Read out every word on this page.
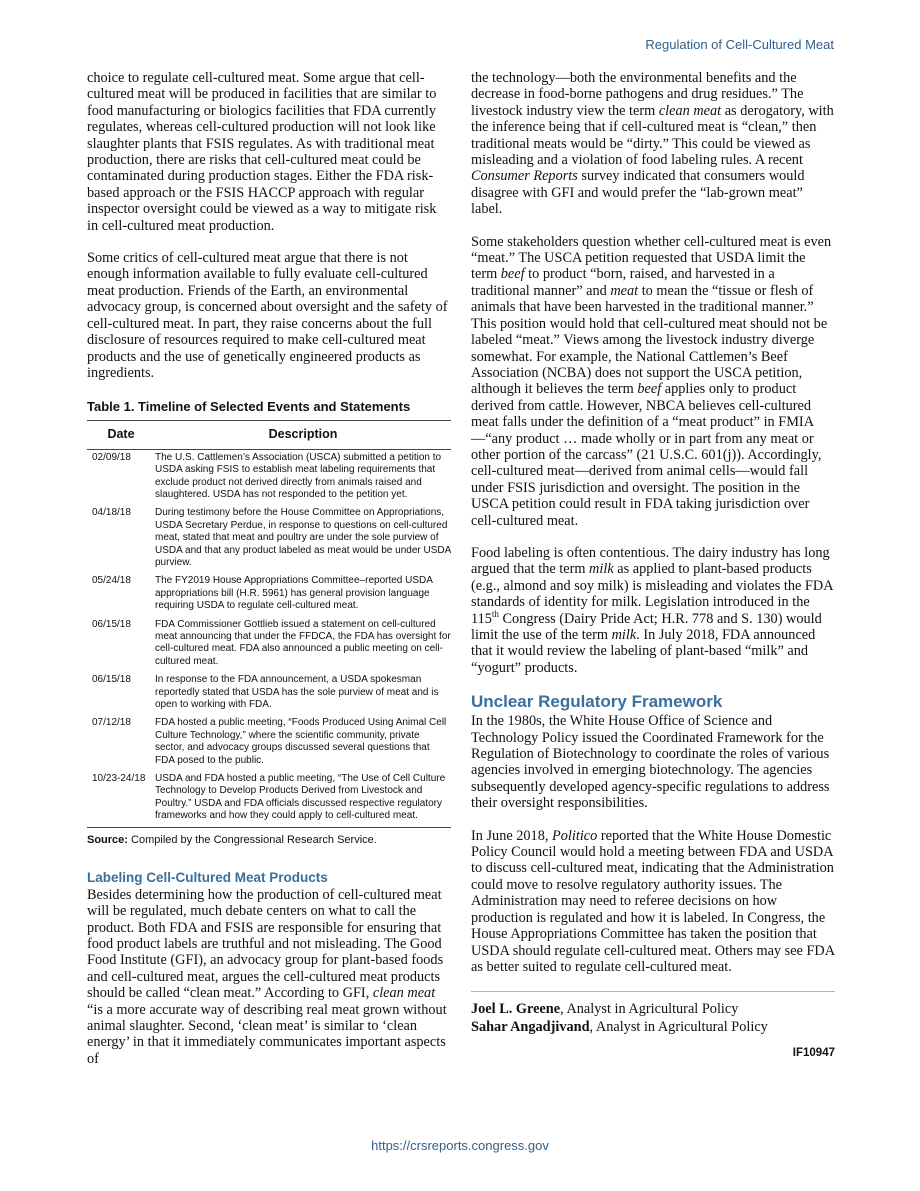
Regulation of Cell-Cultured Meat

choice to regulate cell-cultured meat. Some argue that cell-cultured meat will be produced in facilities that are similar to food manufacturing or biologics facilities that FDA currently regulates, whereas cell-cultured production will not look like slaughter plants that FSIS regulates. As with traditional meat production, there are risks that cell-cultured meat could be contaminated during production stages. Either the FDA risk-based approach or the FSIS HACCP approach with regular inspector oversight could be viewed as a way to mitigate risk in cell-cultured meat production.

Some critics of cell-cultured meat argue that there is not enough information available to fully evaluate cell-cultured meat production. Friends of the Earth, an environmental advocacy group, is concerned about oversight and the safety of cell-cultured meat. In part, they raise concerns about the full disclosure of resources required to make cell-cultured meat products and the use of genetically engineered products as ingredients.

Table 1. Timeline of Selected Events and Statements
Date	Description
02/09/18	The U.S. Cattlemen’s Association (USCA) submitted a petition to USDA asking FSIS to establish meat labeling requirements that exclude product not derived directly from animals raised and slaughtered. USDA has not responded to the petition yet.
04/18/18	During testimony before the House Committee on Appropriations, USDA Secretary Perdue, in response to questions on cell-cultured meat, stated that meat and poultry are under the sole purview of USDA and that any product labeled as meat would be under USDA purview.
05/24/18	The FY2019 House Appropriations Committee–reported USDA appropriations bill (H.R. 5961) has general provision language requiring USDA to regulate cell-cultured meat.
06/15/18	FDA Commissioner Gottlieb issued a statement on cell-cultured meat announcing that under the FFDCA, the FDA has oversight for cell-cultured meat. FDA also announced a public meeting on cell-cultured meat.
06/15/18	In response to the FDA announcement, a USDA spokesman reportedly stated that USDA has the sole purview of meat and is open to working with FDA.
07/12/18	FDA hosted a public meeting, “Foods Produced Using Animal Cell Culture Technology,” where the scientific community, private sector, and advocacy groups discussed several questions that FDA posed to the public.
10/23-24/18	USDA and FDA hosted a public meeting, “The Use of Cell Culture Technology to Develop Products Derived from Livestock and Poultry.” USDA and FDA officials discussed respective regulatory frameworks and how they could apply to cell-cultured meat.
Source: Compiled by the Congressional Research Service.
Labeling Cell-Cultured Meat Products

Besides determining how the production of cell-cultured meat will be regulated, much debate centers on what to call the product. Both FDA and FSIS are responsible for ensuring that food product labels are truthful and not misleading. The Good Food Institute (GFI), an advocacy group for plant-based foods and cell-cultured meat, argues the cell-cultured meat products should be called “clean meat.” According to GFI, clean meat “is a more accurate way of describing real meat grown without animal slaughter. Second, ‘clean meat’ is similar to ‘clean energy’ in that it immediately communicates important aspects of

the technology—both the environmental benefits and the decrease in food-borne pathogens and drug residues.” The livestock industry view the term clean meat as derogatory, with the inference being that if cell-cultured meat is “clean,” then traditional meats would be “dirty.” This could be viewed as misleading and a violation of food labeling rules. A recent Consumer Reports survey indicated that consumers would disagree with GFI and would prefer the “lab-grown meat” label.

Some stakeholders question whether cell-cultured meat is even “meat.” The USCA petition requested that USDA limit the term beef to product “born, raised, and harvested in a traditional manner” and meat to mean the “tissue or flesh of animals that have been harvested in the traditional manner.” This position would hold that cell-cultured meat should not be labeled “meat.” Views among the livestock industry diverge somewhat. For example, the National Cattlemen’s Beef Association (NCBA) does not support the USCA petition, although it believes the term beef applies only to product derived from cattle. However, NBCA believes cell-cultured meat falls under the definition of a “meat product” in FMIA—“any product … made wholly or in part from any meat or other portion of the carcass” (21 U.S.C. 601(j)). Accordingly, cell-cultured meat—derived from animal cells—would fall under FSIS jurisdiction and oversight. The position in the USCA petition could result in FDA taking jurisdiction over cell-cultured meat.

Food labeling is often contentious. The dairy industry has long argued that the term milk as applied to plant-based products (e.g., almond and soy milk) is misleading and violates the FDA standards of identity for milk. Legislation introduced in the 115th Congress (Dairy Pride Act; H.R. 778 and S. 130) would limit the use of the term milk. In July 2018, FDA announced that it would review the labeling of plant-based “milk” and “yogurt” products.

Unclear Regulatory Framework

In the 1980s, the White House Office of Science and Technology Policy issued the Coordinated Framework for the Regulation of Biotechnology to coordinate the roles of various agencies involved in emerging biotechnology. The agencies subsequently developed agency-specific regulations to address their oversight responsibilities.

In June 2018, Politico reported that the White House Domestic Policy Council would hold a meeting between FDA and USDA to discuss cell-cultured meat, indicating that the Administration could move to resolve regulatory authority issues. The Administration may need to referee decisions on how production is regulated and how it is labeled. In Congress, the House Appropriations Committee has taken the position that USDA should regulate cell-cultured meat. Others may see FDA as better suited to regulate cell-cultured meat.

Joel L. Greene, Analyst in Agricultural Policy

Sahar Angadjivand, Analyst in Agricultural Policy

IF10947
https://crsreports.congress.gov
